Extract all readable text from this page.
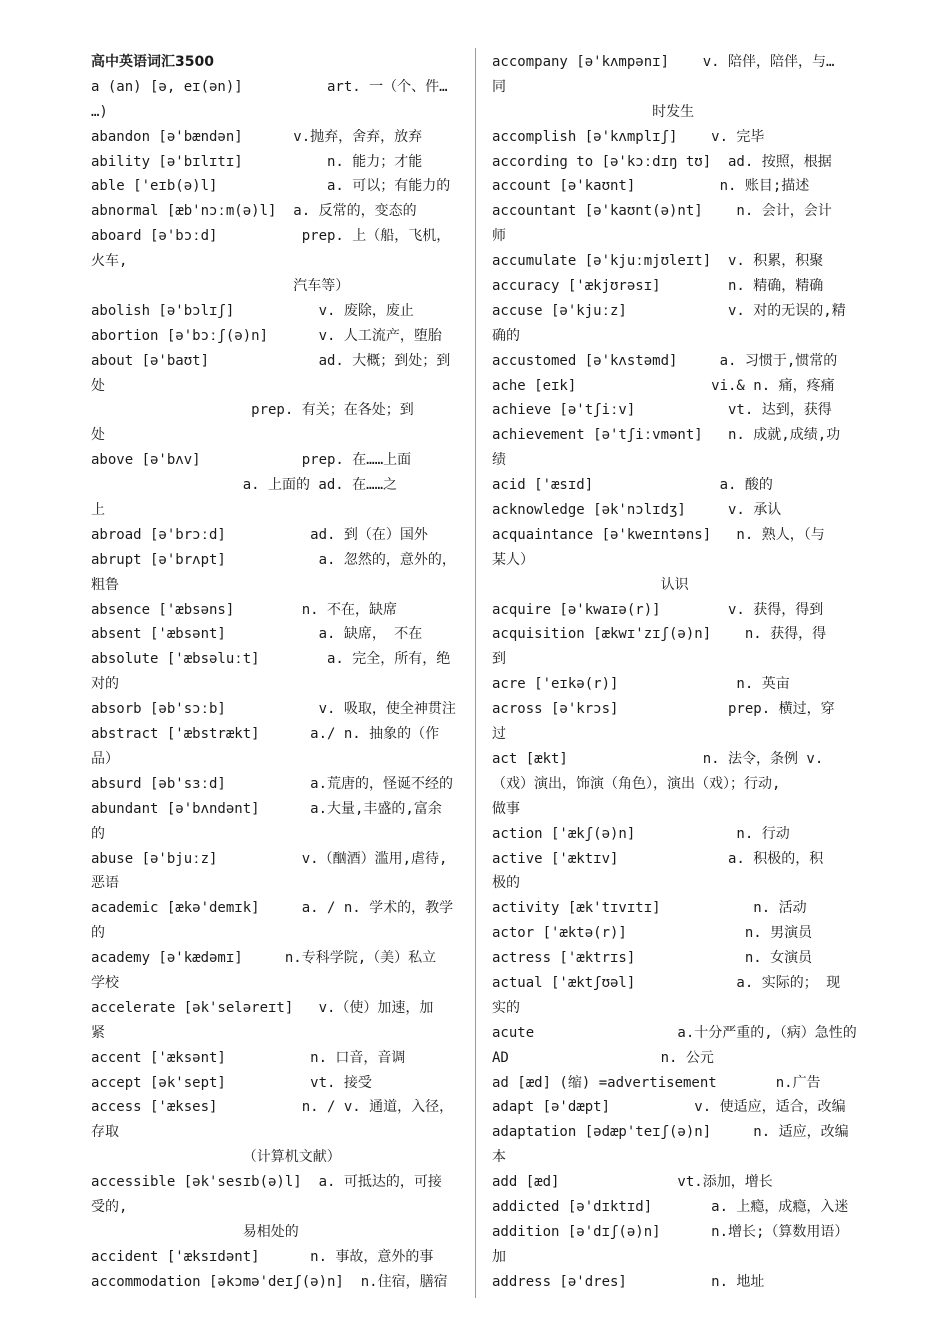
高中英语词汇3500
a (an) [ə, eɪ(ən)]          art. 一（个、件…
…)
abandon [ə'bændən]      v.抛弃，舍弃，放弃
ability [ə'bɪlɪtɪ]          n. 能力；才能
able ['eɪb(ə)l]             a. 可以；有能力的
abnormal [æb'nɔːm(ə)l]  a. 反常的，变态的
aboard [ə'bɔːd]          prep. 上（船，飞机，
火车,
汽车等）
abolish [ə'bɔlɪʃ]          v. 废除，废止
abortion [ə'bɔːʃ(ə)n]      v. 人工流产，堕胎
about [ə'baʊt]             ad. 大概；到处；到
处
prep. 有关；在各处；到
处
above [ə'bʌv]            prep. 在……上面
a. 上面的 ad. 在……之
上
abroad [ə'brɔːd]          ad. 到（在）国外
abrupt [ə'brʌpt]           a. 忽然的，意外的，
粗鲁
absence ['æbsəns]        n. 不在，缺席
absent ['æbsənt]           a. 缺席， 不在
absolute ['æbsəluːt]        a. 完全，所有，绝
对的
absorb [əb'sɔːb]           v. 吸取，使全神贯注
abstract ['æbstrækt]      a./ n. 抽象的（作
品）
absurd [əb'sɜːd]          a.荒唐的，怪诞不经的
abundant [ə'bʌndənt]      a.大量,丰盛的,富余
的
abuse [ə'bjuːz]          v.（酗酒）滥用,虐待,
恶语
academic [ækə'demɪk]     a. / n. 学术的，教学
的
academy [ə'kædəmɪ]     n.专科学院,（美）私立
学校
accelerate [ək'seləreɪt]   v.（使）加速，加
紧
accent ['æksənt]          n. 口音，音调
accept [ək'sept]          vt. 接受
access ['ækses]          n. / v. 通道，入径，
存取
（计算机文献）
accessible [ək'sesɪb(ə)l]  a. 可抵达的，可接
受的,
易相处的
accident ['æksɪdənt]      n. 事故，意外的事
accommodation [əkɔmə'deɪʃ(ə)n]  n.住宿，膳宿
accompany [ə'kʌmpənɪ]    v. 陪伴，陪伴，与…
同
时发生
accomplish [ə'kʌmplɪʃ]    v. 完毕
according to [ə'kɔːdɪŋ tʊ]  ad. 按照，根据
account [ə'kaʊnt]          n. 账目;描述
accountant [ə'kaʊnt(ə)nt]    n. 会计，会计
师
accumulate [ə'kjuːmjʊleɪt]  v. 积累，积聚
accuracy ['ækjʊrəsɪ]        n. 精确，精确
accuse [ə'kjuːz]            v. 对的无误的,精
确的
accustomed [ə'kʌstəmd]     a. 习惯于,惯常的
ache [eɪk]                vi.& n. 痛，疼痛
achieve [ə'tʃiːv]           vt. 达到，获得
achievement [ə'tʃiːvmənt]   n. 成就,成绩,功
绩
acid ['æsɪd]               a. 酸的
acknowledge [ək'nɔlɪdʒ]     v. 承认
acquaintance [ə'kweɪntəns]   n. 熟人，（与
某人）
认识
acquire [ə'kwaɪə(r)]        v. 获得，得到
acquisition [ækwɪ'zɪʃ(ə)n]    n. 获得，得
到
acre ['eɪkə(r)]              n. 英亩
across [ə'krɔs]             prep. 横过，穿
过
act [ækt]                n. 法令，条例 v.
（戏）演出，饰演（角色），演出（戏）；行动,
做事
action ['ækʃ(ə)n]            n. 行动
active ['æktɪv]             a. 积极的，积
极的
activity [æk'tɪvɪtɪ]           n. 活动
actor ['æktə(r)]              n. 男演员
actress ['æktrɪs]             n. 女演员
actual ['æktʃʊəl]            a. 实际的； 现
实的
acute                 a.十分严重的,（病）急性的
AD                  n. 公元
ad [æd] (缩) =advertisement       n.广告
adapt [ə'dæpt]          v. 使适应，适合，改编
adaptation [ədæp'teɪʃ(ə)n]     n. 适应，改编
本
add [æd]              vt.添加，增长
addicted [ə'dɪktɪd]       a. 上瘾，成瘾，入迷
addition [ə'dɪʃ(ə)n]      n.增长;（算数用语）
加
address [ə'dres]          n. 地址
